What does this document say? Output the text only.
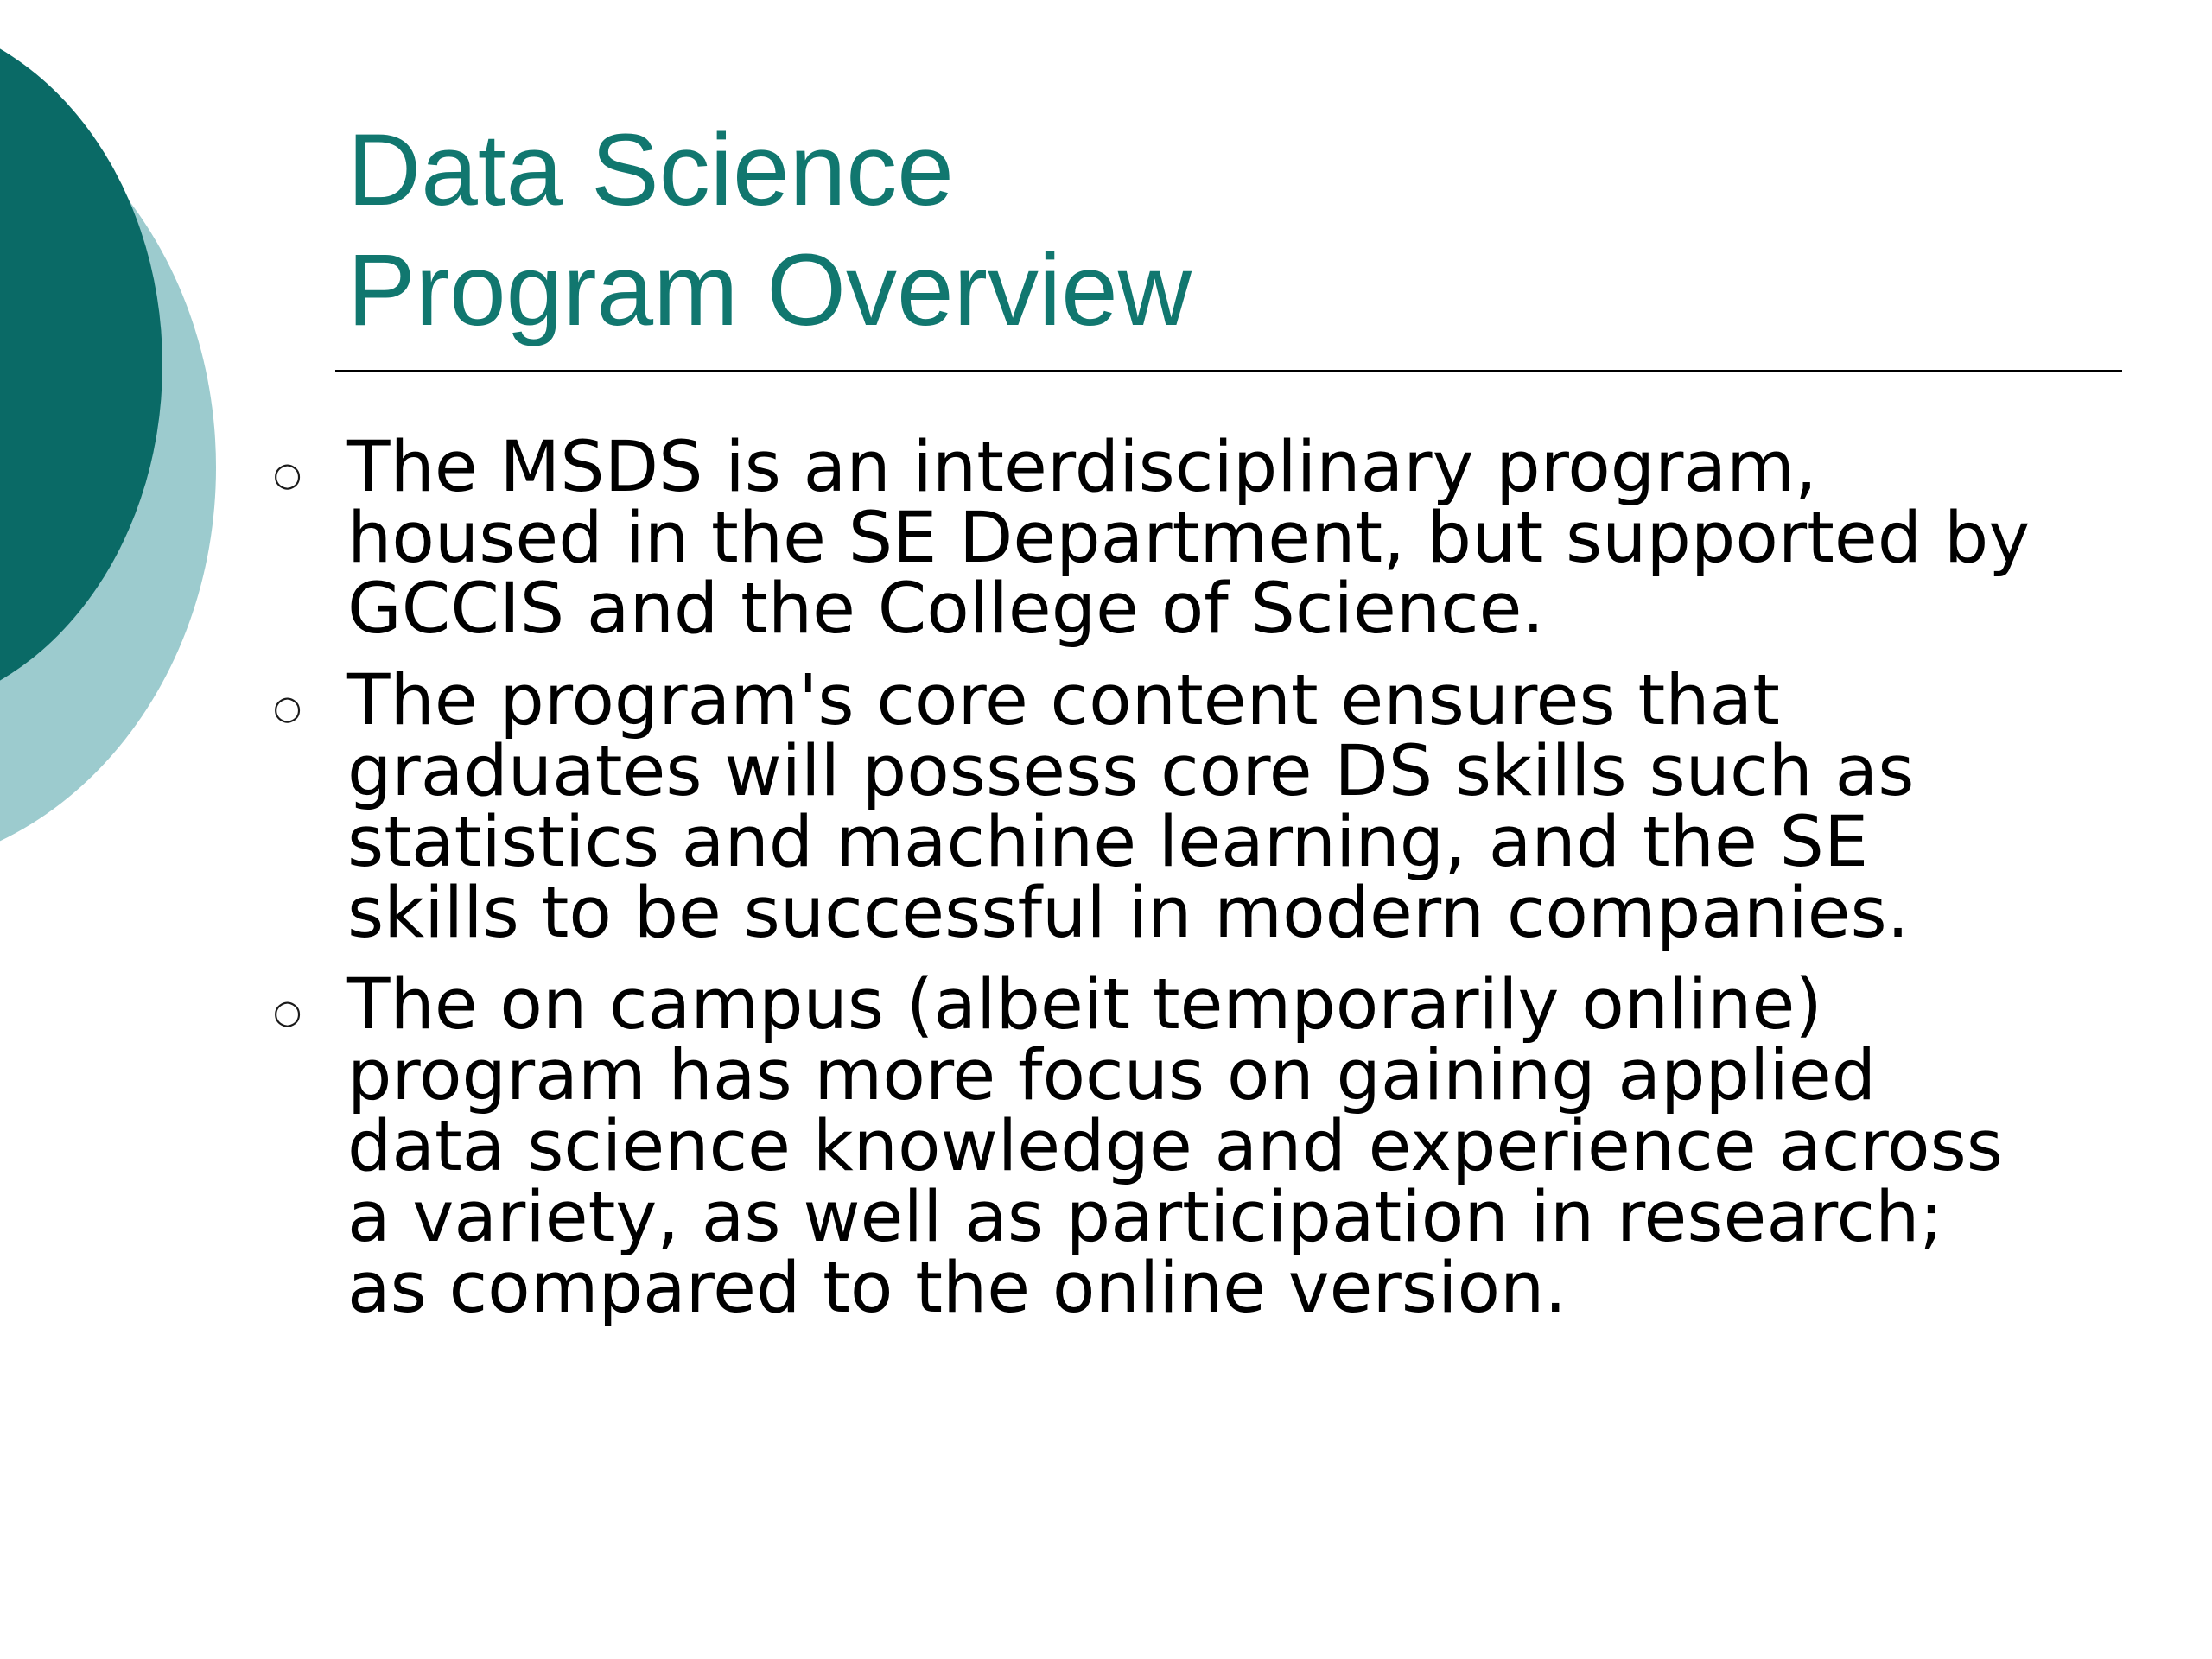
Data Science
Program Overview
○ The MSDS is an interdisciplinary program,
housed in the SE Department, but supported by
GCCIS and the College of Science.
○ The program's core content ensures that
graduates will possess core DS skills such as
statistics and machine learning, and the SE
skills to be successful in modern companies.
○ The on campus (albeit temporarily online)
program has more focus on gaining applied
data science knowledge and experience across
a variety, as well as participation in research;
as compared to the online version.
